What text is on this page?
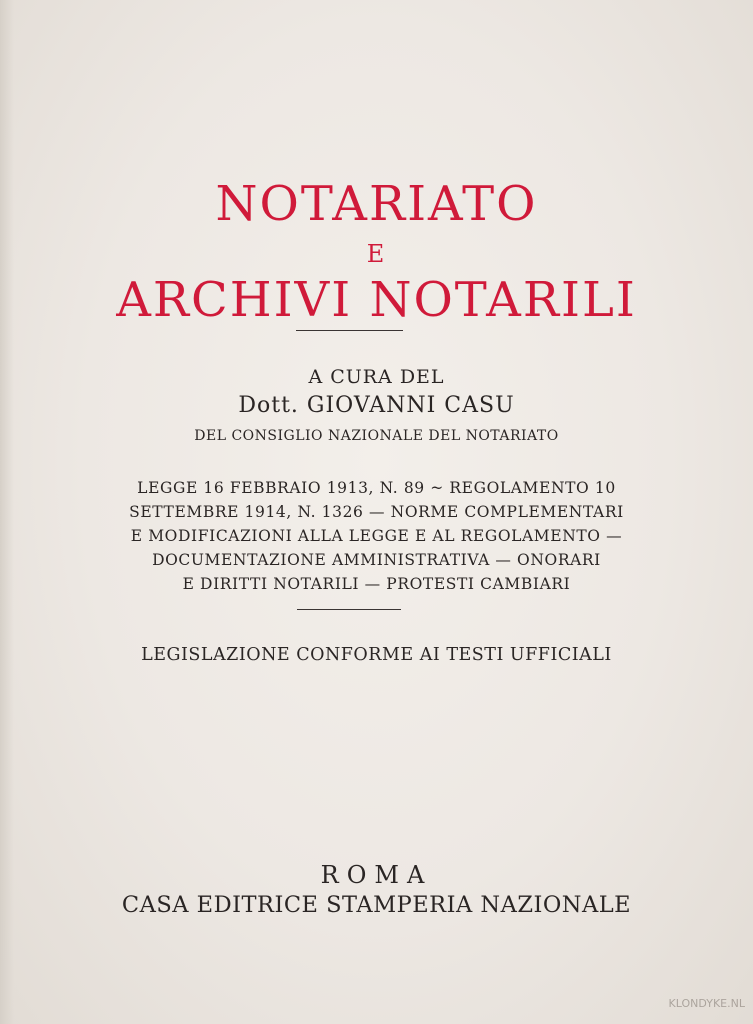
NOTARIATO
E
ARCHIVI NOTARILI
A CURA DEL
Dott. GIOVANNI CASU
DEL CONSIGLIO NAZIONALE DEL NOTARIATO
LEGGE 16 FEBBRAIO 1913, N. 89 ~ REGOLAMENTO 10
SETTEMBRE 1914, N. 1326 — NORME COMPLEMENTARI
E MODIFICAZIONI ALLA LEGGE E AL REGOLAMENTO —
DOCUMENTAZIONE AMMINISTRATIVA — ONORARI
E DIRITTI NOTARILI — PROTESTI CAMBIARI
LEGISLAZIONE CONFORME AI TESTI UFFICIALI
ROMA
CASA EDITRICE STAMPERIA NAZIONALE
KLONDYKE.NL
